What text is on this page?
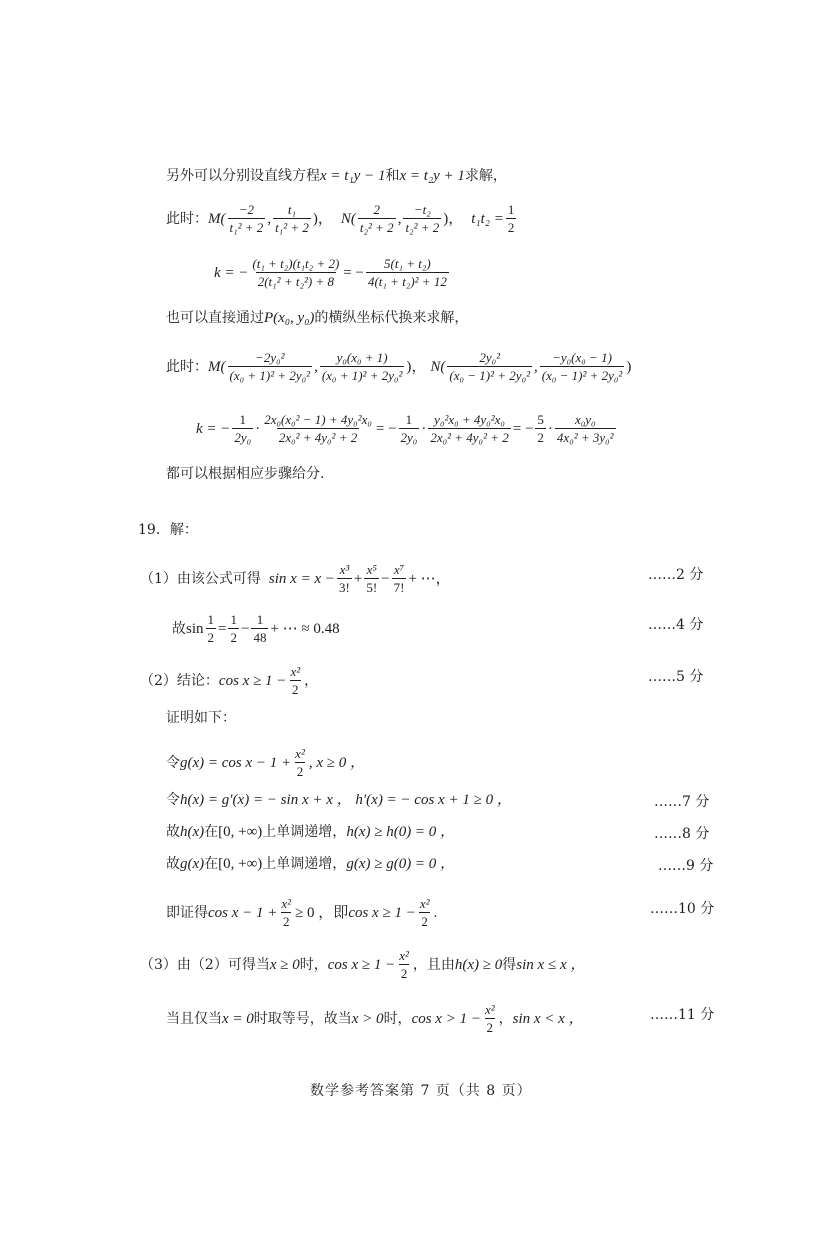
另外可以分别设直线方程 x = t₁y − 1 和 x = t₂y + 1 求解，
此时： $M( \frac{-2}{\text{t₁² + 2}}$ , $\frac{\text{t₁}}{\text{t₁² + 2}}$ )， $N( \frac{2}{\text{t₂² + 2}}$ , $\frac{\text{−t₂}}{\text{t₂² + 2}}$ )， $t_1t_2 = \frac{1}{2}$
k = − $\frac{\text{(t₁ + t₂)(t₁t₂ + 2)}}{\text{2(t₁² + t₂²) + 8}}$ = − $\frac{\text{5(t₁ + t₂)}}{\text{4(t₁ + t₂)² + 12}}$
也可以直接通过 P(x₀, y₀) 的横纵坐标代换来求解，
此时： $M( \frac{\text{−2y₀²}}{\text{(x₀ + 1)² + 2y₀²}}$ , $\frac{\text{y₀(x₀ + 1)}}{\text{(x₀ + 1)² + 2y₀²}}$ )， $N( \frac{\text{2y₀²}}{\text{(x₀ − 1)² + 2y₀²}}$ , $\frac{\text{−y₀(x₀ − 1)}}{\text{(x₀ − 1)² + 2y₀²}}$ )
k = − $\frac{1}{\text{2y₀}} \cdot \frac{\text{2x₀(x₀² − 1) + 4y₀²x₀}}{\text{2x₀² + 4y₀² + 2}}$ = − $\frac{1}{\text{2y₀}} \cdot \frac{\text{y₀²x₀ + 4y₀²x₀}}{\text{2x₀² + 4y₀² + 2}}$ = − $\frac{5}{2} \cdot \frac{\text{x₀y₀}}{\text{4x₀² + 3y₀²}}$
都可以根据相应步骤给分.
19．解：
（1）由该公式可得 $\sin x = x - \frac{\text{x³}}{3!} + \frac{\text{x⁵}}{5!} - \frac{\text{x⁷}}{7!}$ + ⋯，	……2 分
故 $\sin \frac{1}{2} = \frac{1}{2} - \frac{1}{48}$ + ⋯ ≈ 0.48	……4 分
（2）结论： $\cos x \ge 1 - \frac{\text{x²}}{2}$ ，	……5 分
证明如下：
令 $g(x) = \cos x - 1 + \frac{\text{x²}}{2}$ , x ≥ 0 ，
令 h(x) = g′(x) = − sin x + x ， h′(x) = − cos x + 1 ≥ 0 ，	……7 分
故 h(x) 在 [0, +∞) 上单调递增， h(x) ≥ h(0) = 0 ，	……8 分
故 g(x) 在 [0, +∞) 上单调递增， g(x) ≥ g(0) = 0 ，	……9 分
即证得 $\cos x - 1 + \frac{\text{x²}}{2} \ge 0$ ，即 $\cos x \ge 1 - \frac{\text{x²}}{2}$ .	……10 分
（3）由（2）可得当 x ≥ 0 时， $\cos x \ge 1 - \frac{\text{x²}}{2}$ ，且由 h(x) ≥ 0 得 sin x ≤ x ，
当且仅当 x = 0 时取等号，故当 x > 0 时， $\cos x > 1 - \frac{\text{x²}}{2}$ ， sin x < x ，	……11 分
数学参考答案第 7 页（共 8 页）
